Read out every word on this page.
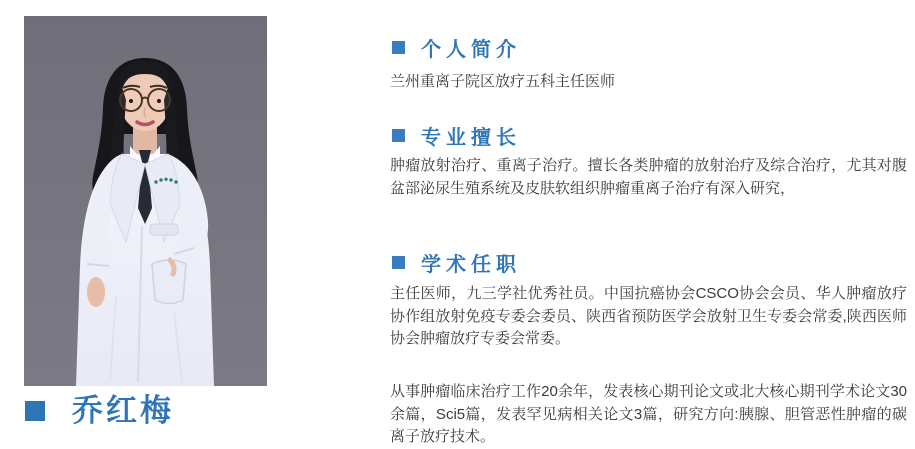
乔红梅
个人简介

兰州重离子院区放疗五科主任医师

专业擅长

肿瘤放射治疗、重离子治疗。擅长各类肿瘤的放射治疗及综合治疗，尤其对腹盆部泌尿生殖系统及皮肤软组织肿瘤重离子治疗有深入研究，

学术任职

主任医师，九三学社优秀社员。中国抗癌协会CSCO协会会员、华人肿瘤放疗协作组放射免疫专委会委员、陕西省预防医学会放射卫生专委会常委,陕西医师协会肿瘤放疗专委会常委。

从事肿瘤临床治疗工作20余年，发表核心期刊论文或北大核心期刊学术论文30余篇，Sci5篇，发表罕见病相关论文3篇，研究方向:胰腺、胆管恶性肿瘤的碳离子放疗技术。
